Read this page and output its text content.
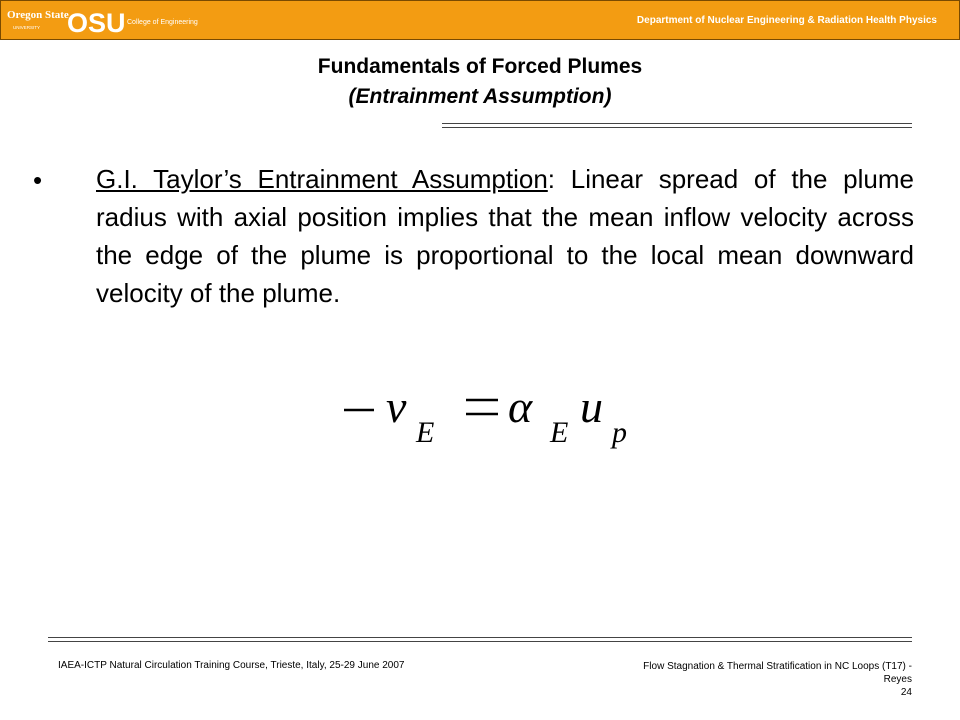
Oregon State
UNIVERSITY OSU College of Engineering	Department of Nuclear Engineering & Radiation Health Physics
Fundamentals of Forced Plumes
(Entrainment Assumption)
• G.I. Taylor’s Entrainment Assumption: Linear spread of the plume radius with axial position implies that the mean inflow velocity across the edge of the plume is proportional to the local mean downward velocity of the plume.
v
E
α
E
u
p
IAEA-ICTP Natural Circulation Training Course, Trieste, Italy, 25-29 June 2007	Flow Stagnation & Thermal Stratification in NC Loops (T17) -
Reyes
24
